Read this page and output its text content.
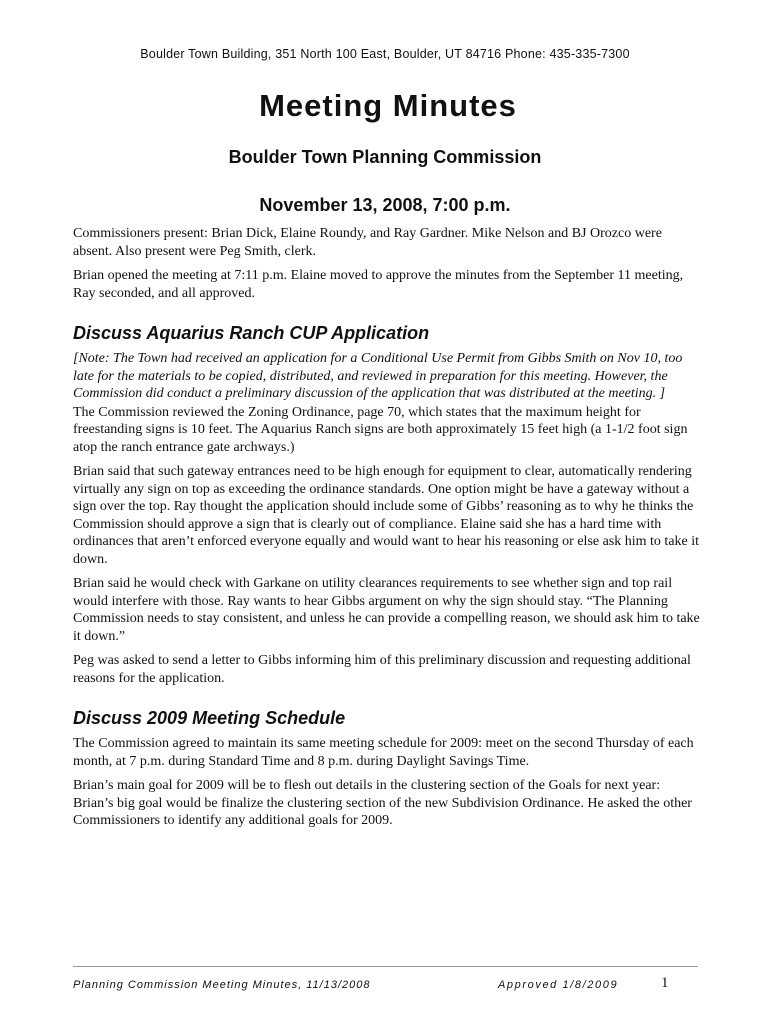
Boulder Town Building, 351 North 100 East, Boulder, UT 84716 Phone: 435-335-7300
Meeting Minutes
Boulder Town Planning Commission
November 13, 2008, 7:00 p.m.

Commissioners present: Brian Dick, Elaine Roundy, and Ray Gardner. Mike Nelson and BJ Orozco were absent. Also present were Peg Smith, clerk.

Brian opened the meeting at 7:11 p.m. Elaine moved to approve the minutes from the September 11 meeting, Ray seconded, and all approved.

Discuss Aquarius Ranch CUP Application

[Note: The Town had received an application for a Conditional Use Permit from Gibbs Smith on Nov 10, too late for the materials to be copied, distributed, and reviewed in preparation for this meeting. However, the Commission did conduct a preliminary discussion of the application that was distributed at the meeting. ]

The Commission reviewed the Zoning Ordinance, page 70, which states that the maximum height for freestanding signs is 10 feet. The Aquarius Ranch signs are both approximately 15 feet high (a 1-1/2 foot sign atop the ranch entrance gate archways.)

Brian said that such gateway entrances need to be high enough for equipment to clear, automatically rendering virtually any sign on top as exceeding the ordinance standards. One option might be have a gateway without a sign over the top. Ray thought the application should include some of Gibbs’ reasoning as to why he thinks the Commission should approve a sign that is clearly out of compliance. Elaine said she has a hard time with ordinances that aren’t enforced everyone equally and would want to hear his reasoning or else ask him to take it down.

Brian said he would check with Garkane on utility clearances requirements to see whether sign and top rail would interfere with those. Ray wants to hear Gibbs argument on why the sign should stay. “The Planning Commission needs to stay consistent, and unless he can provide a compelling reason, we should ask him to take it down.”

Peg was asked to send a letter to Gibbs informing him of this preliminary discussion and requesting additional reasons for the application.

Discuss 2009 Meeting Schedule

The Commission agreed to maintain its same meeting schedule for 2009: meet on the second Thursday of each month, at 7 p.m. during Standard Time and 8 p.m. during Daylight Savings Time.

Brian’s main goal for 2009 will be to flesh out details in the clustering section of the Goals for next year: Brian’s big goal would be finalize the clustering section of the new Subdivision Ordinance. He asked the other Commissioners to identify any additional goals for 2009.

Planning Commission Meeting Minutes, 11/13/2008	Approved 1/8/2009	1
